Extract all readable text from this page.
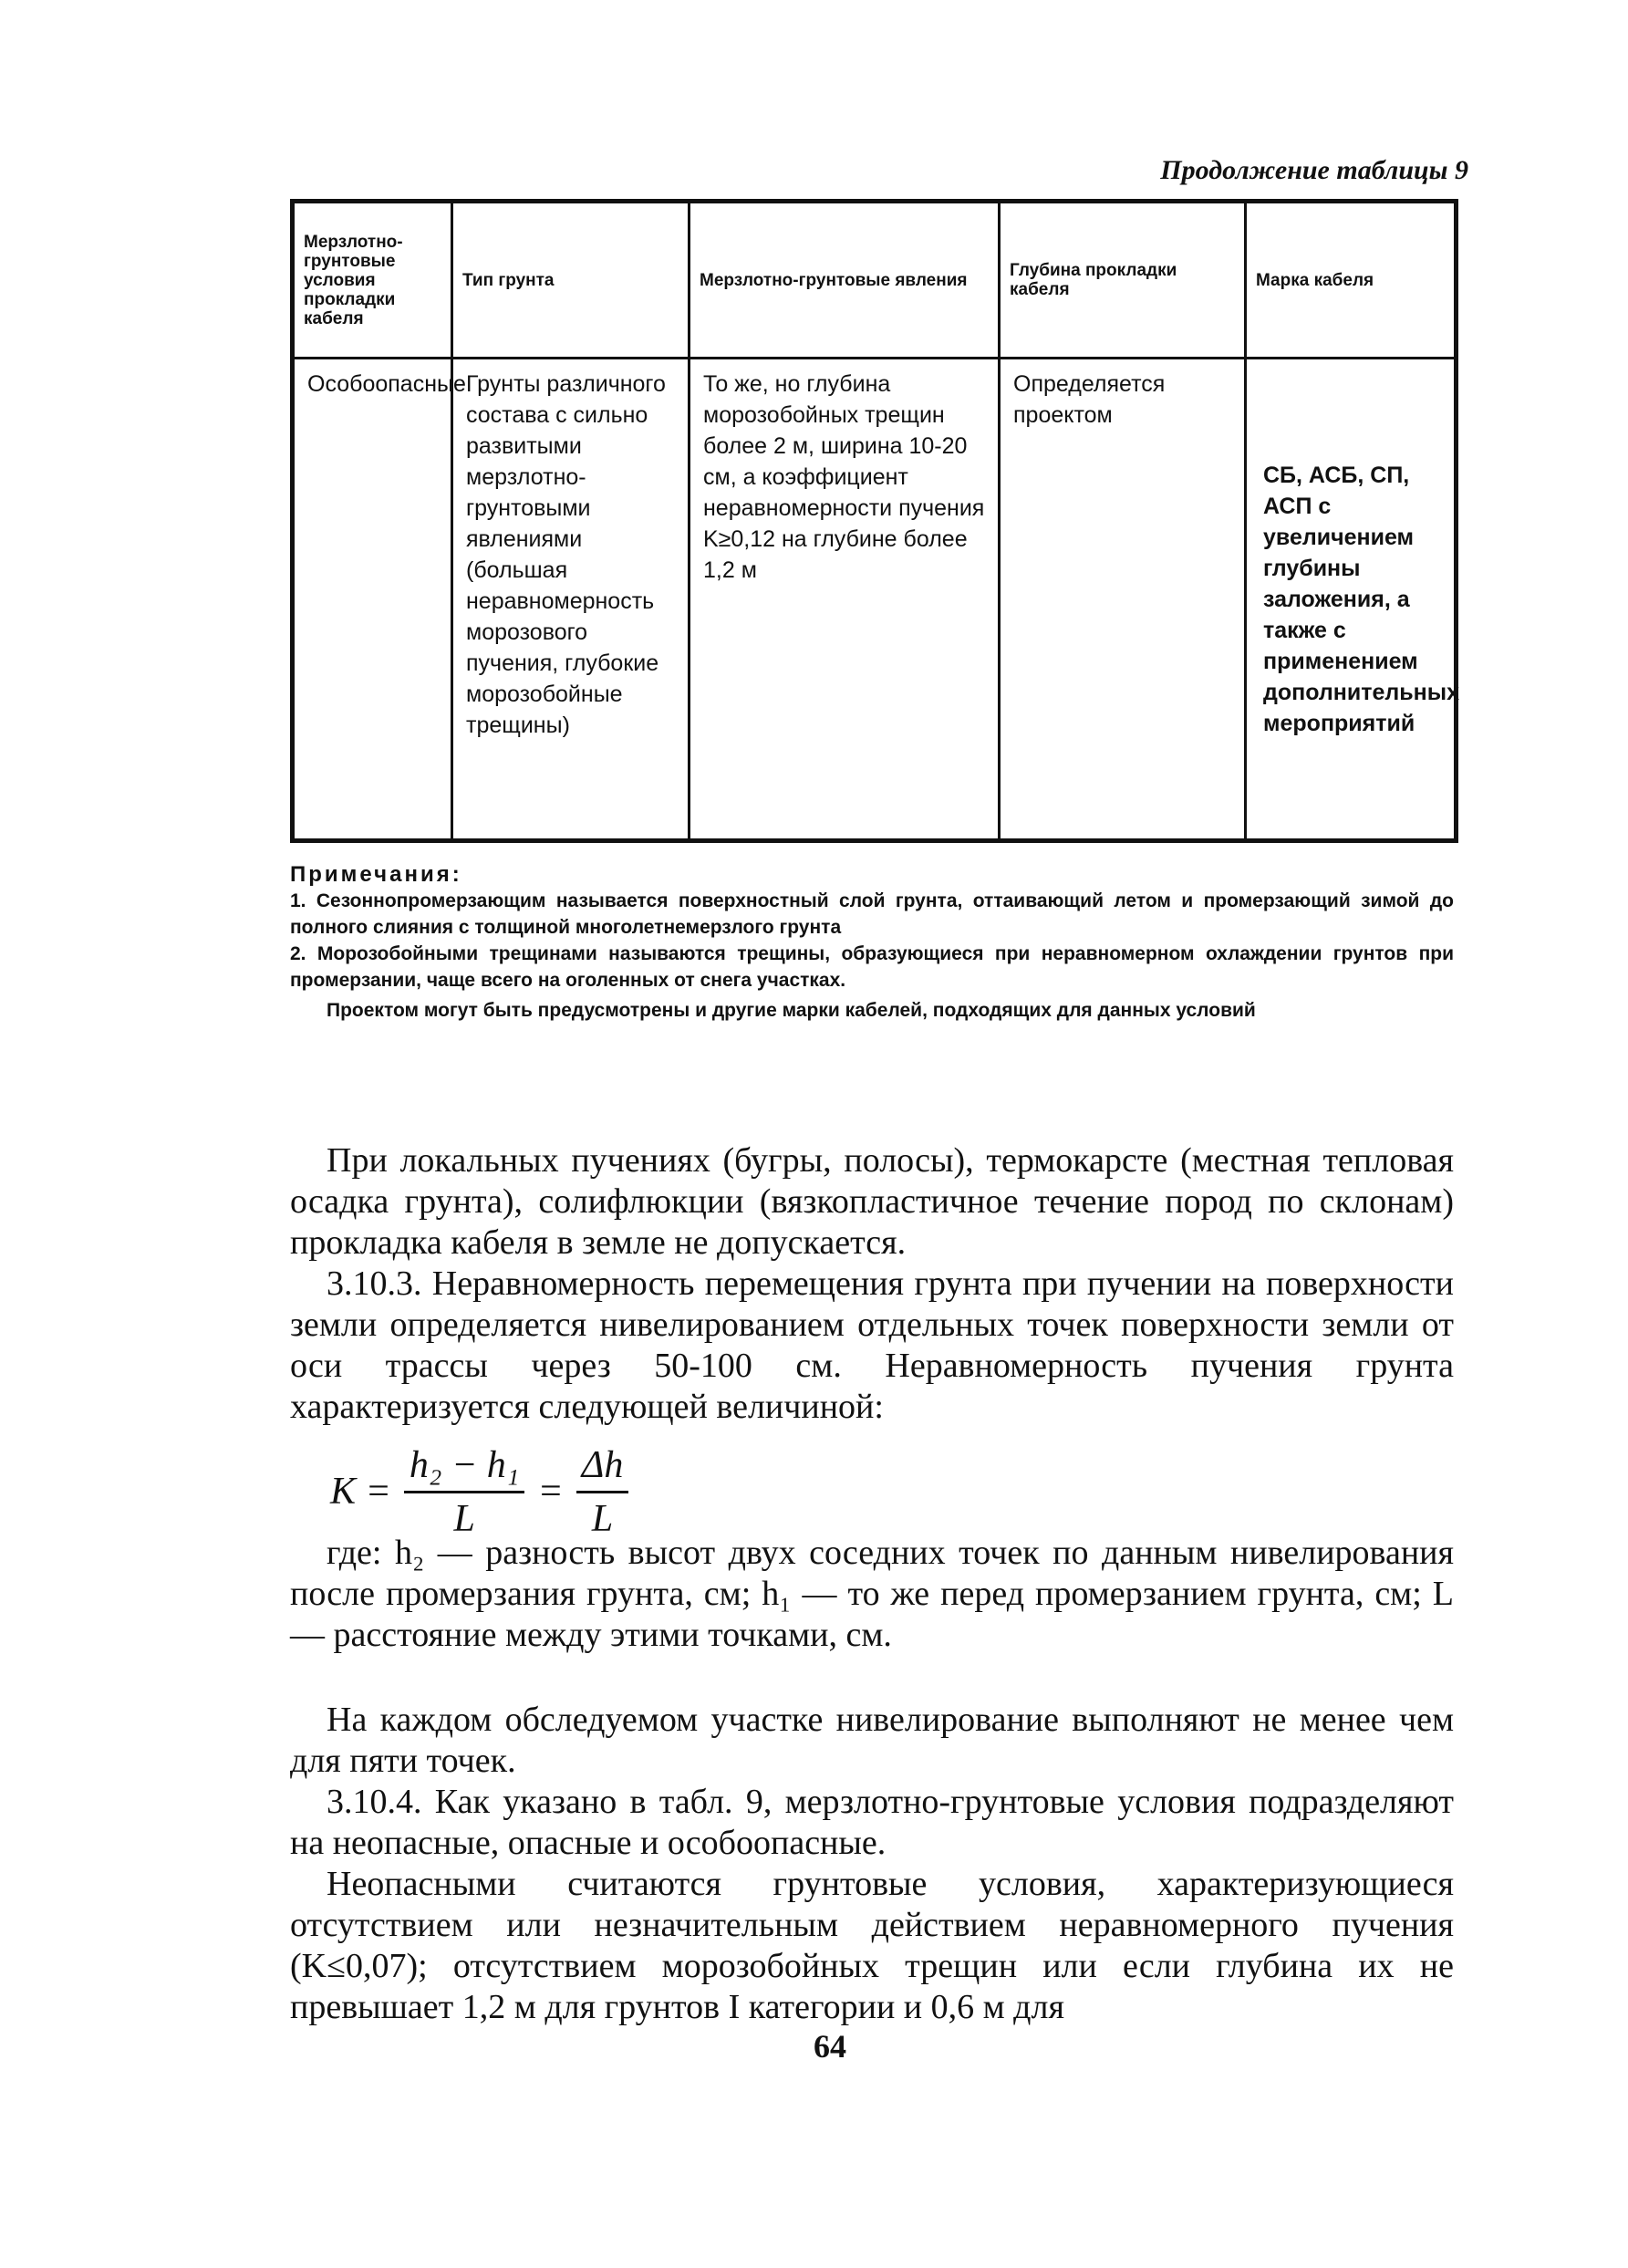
Продолжение таблицы 9
Мерзлотно-грунтовые условия прокладки кабеля	Тип грунта	Мерзлотно-грунтовые явления	Глубина прокладки кабеля	Марка кабеля
Особоопасные	Грунты различного состава с сильно развитыми мерзлотно-грунтовыми явлениями (большая неравномерность морозового пучения, глубокие морозобойные трещины)	То же, но глубина морозобойных трещин более 2 м, ширина 10-20 см, а коэффициент неравномерности пучения K≥0,12 на глубине более 1,2 м	Определяется проектом	СБ, АСБ, СП, АСП с увеличением глубины заложения, а также с применением дополнительных мероприятий
Примечания:

1. Сезоннопромерзающим называется поверхностный слой грунта, оттаивающий летом и промерзающий зимой до полного слияния с толщиной многолетнемерзлого грунта

2. Морозобойными трещинами называются трещины, образующиеся при неравномерном охлаждении грунтов при промерзании, чаще всего на оголенных от снега участках.

Проектом могут быть предусмотрены и другие марки кабелей, подходящих для данных условий

При локальных пучениях (бугры, полосы), термокарсте (местная тепловая осадка грунта), солифлюкции (вязкопластичное течение пород по склонам) прокладка кабеля в земле не допускается.

3.10.3. Неравномерность перемещения грунта при пучении на поверхности земли определяется нивелированием отдельных точек поверхности земли от оси трассы через 50-100 см. Неравномерность пучения грунта характеризуется следующей величиной:

$K = \frac{\text{h₂ − h₁}}{L} = \frac{\Delta h}{L}$

где: h₂ — разность высот двух соседних точек по данным нивелирования после промерзания грунта, см; h₁ — то же перед промерзанием грунта, см; L — расстояние между этими точками, см.

На каждом обследуемом участке нивелирование выполняют не менее чем для пяти точек.

3.10.4. Как указано в табл. 9, мерзлотно-грунтовые условия подразделяют на неопасные, опасные и особоопасные.

Неопасными считаются грунтовые условия, характеризующиеся отсутствием или незначительным действием неравномерного пучения (K≤0,07); отсутствием морозобойных трещин или если глубина их не превышает 1,2 м для грунтов I категории и 0,6 м для

64
